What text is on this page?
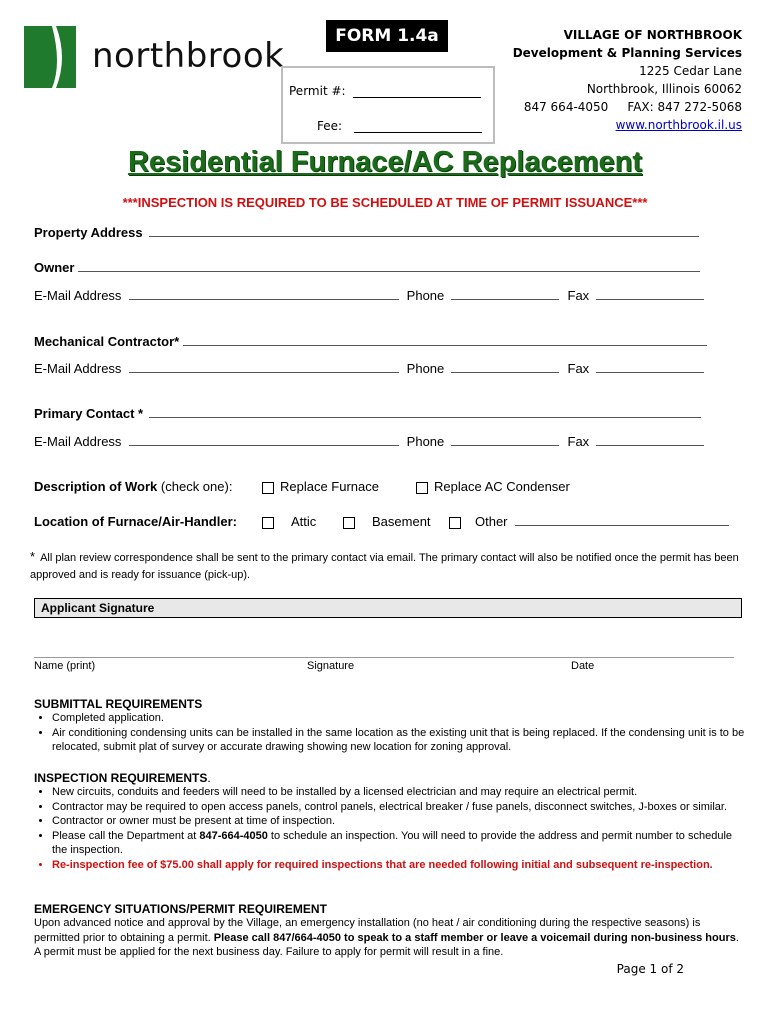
northbrook	FORM 1.4a
Permit #:
Fee:
VILLAGE OF NORTHBROOK
Development & Planning Services
1225 Cedar Lane
Northbrook, Illinois 60062
847 664-4050 FAX: 847 272-5068
www.northbrook.il.us
Residential Furnace/AC Replacement
***INSPECTION IS REQUIRED TO BE SCHEDULED AT TIME OF PERMIT ISSUANCE***
Property Address
Owner
E-Mail Address	Phone	Fax
Mechanical Contractor*
E-Mail Address	Phone	Fax
Primary Contact *
E-Mail Address	Phone	Fax
Description of Work (check one):	Replace Furnace	Replace AC Condenser
Location of Furnace/Air-Handler:	Attic	Basement	Other
* All plan review correspondence shall be sent to the primary contact via email. The primary contact will also be notified once the permit has been approved and is ready for issuance (pick-up).
Applicant Signature
Name (print)	Signature	Date
SUBMITTAL REQUIREMENTS
• Completed application.
• Air conditioning condensing units can be installed in the same location as the existing unit that is being replaced. If the condensing unit is to be relocated, submit plat of survey or accurate drawing showing new location for zoning approval.
INSPECTION REQUIREMENTS.
• New circuits, conduits and feeders will need to be installed by a licensed electrician and may require an electrical permit.
• Contractor may be required to open access panels, control panels, electrical breaker / fuse panels, disconnect switches, J-boxes or similar.
• Contractor or owner must be present at time of inspection.
• Please call the Department at 847-664-4050 to schedule an inspection. You will need to provide the address and permit number to schedule the inspection.
• Re-inspection fee of $75.00 shall apply for required inspections that are needed following initial and subsequent re-inspection.
EMERGENCY SITUATIONS/PERMIT REQUIREMENT
Upon advanced notice and approval by the Village, an emergency installation (no heat / air conditioning during the respective seasons) is permitted prior to obtaining a permit. Please call 847/664-4050 to speak to a staff member or leave a voicemail during non-business hours. A permit must be applied for the next business day. Failure to apply for permit will result in a fine.
Page 1 of 2
